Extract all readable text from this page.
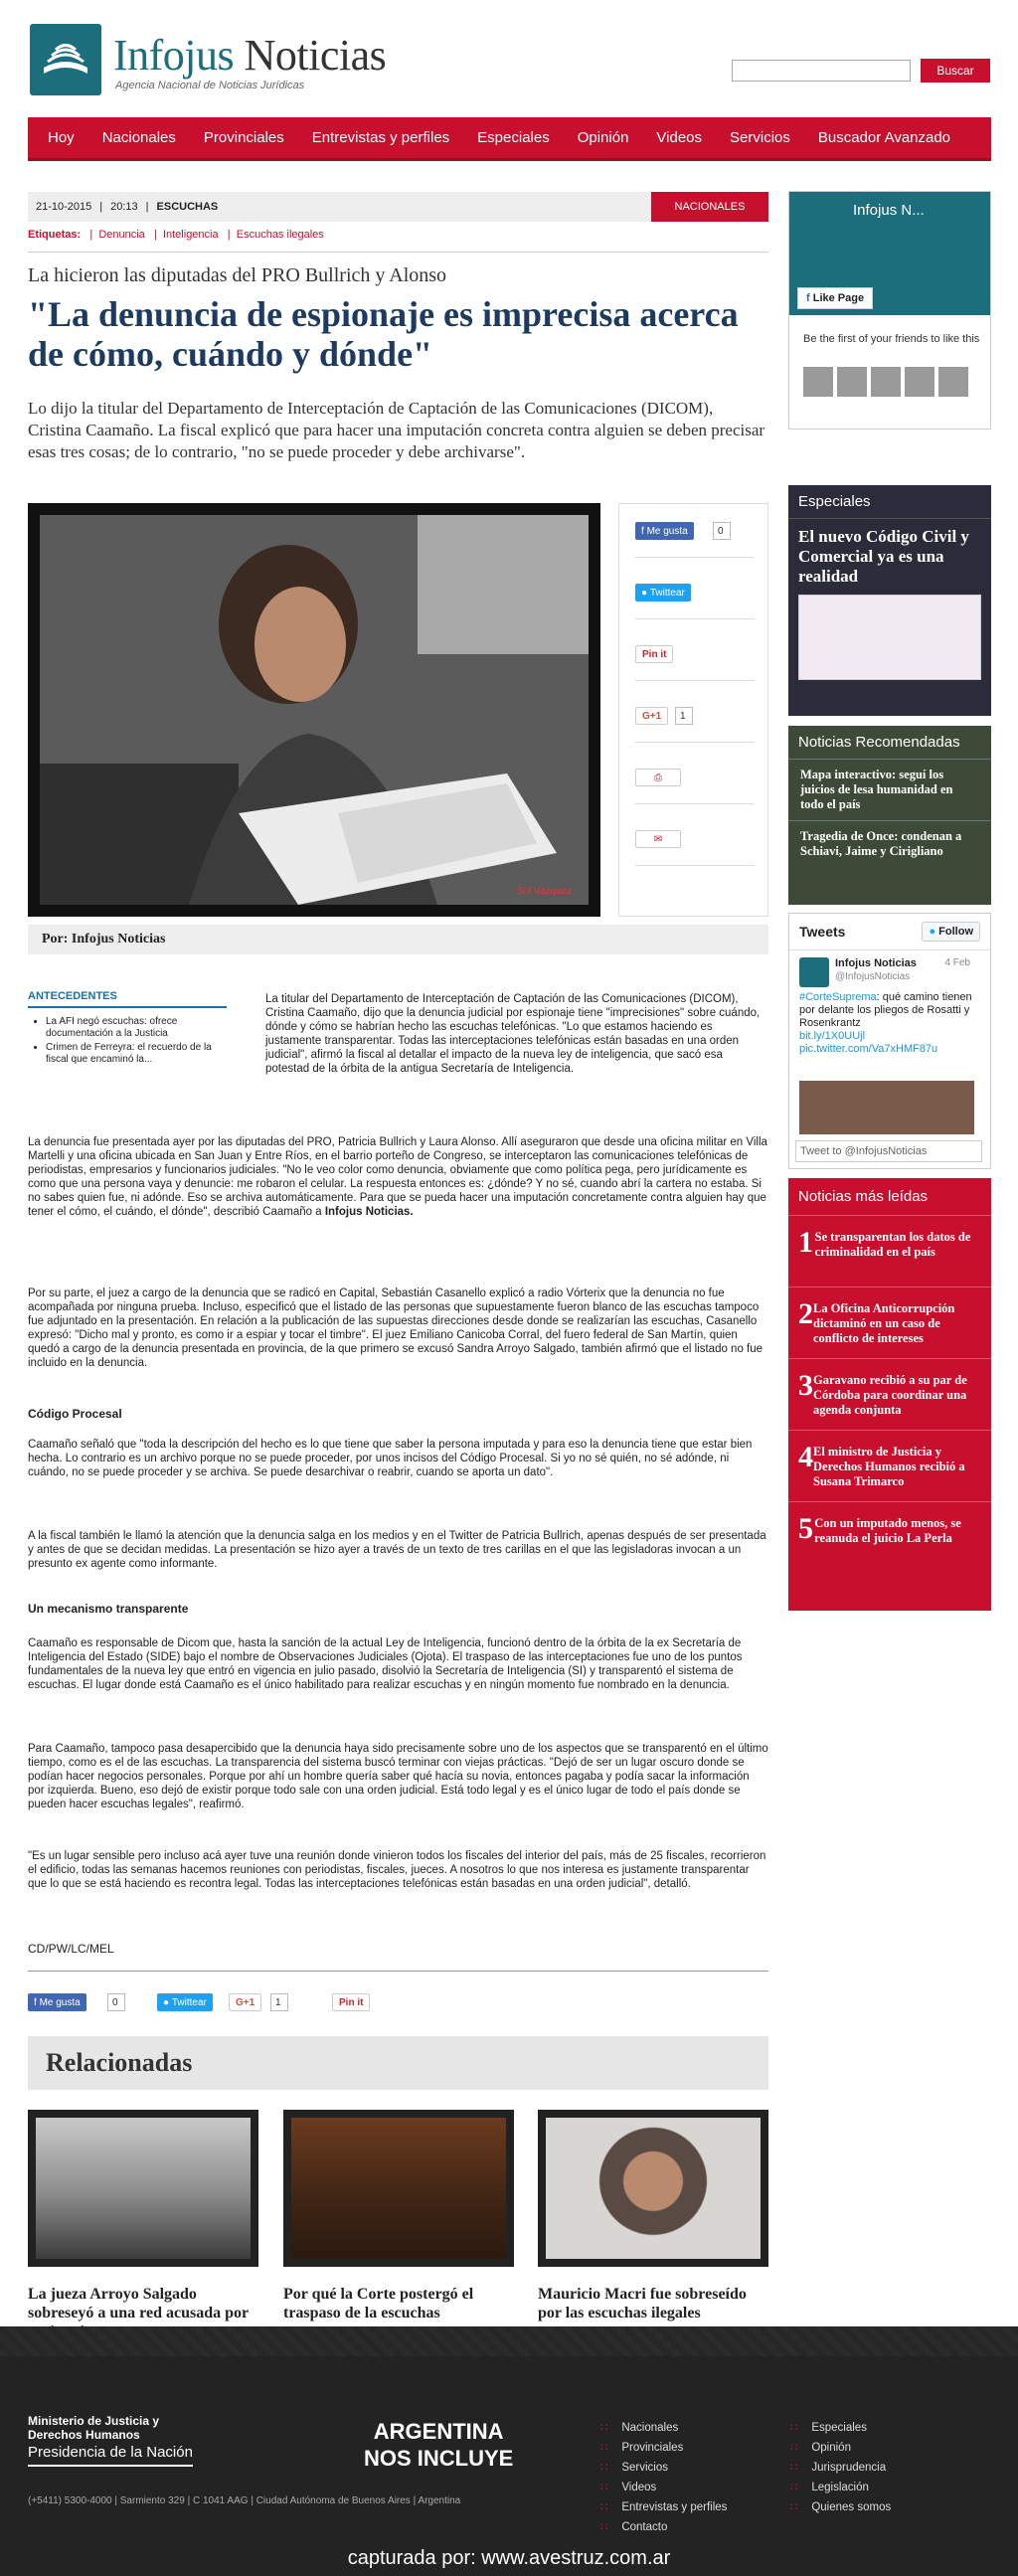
Infojus Noticias
Agencia Nacional de Noticias Jurídicas
Buscar
Hoy	Nacionales	Provinciales	Entrevistas y perfiles	Especiales	Opinión	Videos	Servicios	Buscador Avanzado
21-10-2015 | 20:13 | ESCUCHAS	NACIONALES
Etiquetas:   |  Denuncia   |  Inteligencia   |  Escuchas ilegales
La hicieron las diputadas del PRO Bullrich y Alonso
"La denuncia de espionaje es imprecisa acerca de cómo, cuándo y dónde"

Lo dijo la titular del Departamento de Interceptación de Captación de las Comunicaciones (DICOM), Cristina Caamaño. La fiscal explicó que para hacer una imputación concreta contra alguien se deben precisar esas tres cosas; de lo contrario, "no se puede proceder y debe archivarse".

Sol Vazquez.
f Me gusta	0
● Twittear
Pin it
G+1	1
⎙
✉
Por: Infojus Noticias
ANTECEDENTES
• La AFI negó escuchas: ofrece documentación a la Justicia
• Crimen de Ferreyra: el recuerdo de la fiscal que encaminó la...

La titular del Departamento de Interceptación de Captación de las Comunicaciones (DICOM), Cristina Caamaño, dijo que la denuncia judicial por espionaje tiene "imprecisiones" sobre cuándo, dónde y cómo se habrían hecho las escuchas telefónicas. "Lo que estamos haciendo es justamente transparentar. Todas las interceptaciones telefónicas están basadas en una orden judicial", afirmó la fiscal al detallar el impacto de la nueva ley de inteligencia, que sacó esa potestad de la órbita de la antigua Secretaría de Inteligencia.

La denuncia fue presentada ayer por las diputadas del PRO, Patricia Bullrich y Laura Alonso. Allí aseguraron que desde una oficina militar en Villa Martelli y una oficina ubicada en San Juan y Entre Ríos, en el barrio porteño de Congreso, se interceptaron las comunicaciones telefónicas de periodistas, empresarios y funcionarios judiciales. "No le veo color como denuncia, obviamente que como política pega, pero jurídicamente es como que una persona vaya y denuncie: me robaron el celular. La respuesta entonces es: ¿dónde? Y no sé, cuando abrí la cartera no estaba. Si no sabes quien fue, ni adónde. Eso se archiva automáticamente. Para que se pueda hacer una imputación concretamente contra alguien hay que tener el cómo, el cuándo, el dónde", describió Caamaño a Infojus Noticias.

Por su parte, el juez a cargo de la denuncia que se radicó en Capital, Sebastián Casanello explicó a radio Vórterix que la denuncia no fue acompañada por ninguna prueba. Incluso, especificó que el listado de las personas que supuestamente fueron blanco de las escuchas tampoco fue adjuntado en la presentación. En relación a la publicación de las supuestas direcciones desde donde se realizarían las escuchas, Casanello expresó: "Dicho mal y pronto, es como ir a espiar y tocar el timbre". El juez Emiliano Canicoba Corral, del fuero federal de San Martín, quien quedó a cargo de la denuncia presentada en provincia, de la que primero se excusó Sandra Arroyo Salgado, también afirmó que el listado no fue incluido en la denuncia.

Código Procesal

Caamaño señaló que "toda la descripción del hecho es lo que tiene que saber la persona imputada y para eso la denuncia tiene que estar bien hecha. Lo contrario es un archivo porque no se puede proceder, por unos incisos del Código Procesal. Si yo no sé quién, no sé adónde, ni cuándo, no se puede proceder y se archiva. Se puede desarchivar o reabrir, cuando se aporta un dato".

A la fiscal también le llamó la atención que la denuncia salga en los medios y en el Twitter de Patricia Bullrich, apenas después de ser presentada y antes de que se decidan medidas. La presentación se hizo ayer a través de un texto de tres carillas en el que las legisladoras invocan a un presunto ex agente como informante.

Un mecanismo transparente

Caamaño es responsable de Dicom que, hasta la sanción de la actual Ley de Inteligencia, funcionó dentro de la órbita de la ex Secretaría de Inteligencia del Estado (SIDE) bajo el nombre de Observaciones Judiciales (Ojota). El traspaso de las interceptaciones fue uno de los puntos fundamentales de la nueva ley que entró en vigencia en julio pasado, disolvió la Secretaría de Inteligencia (SI) y transparentó el sistema de escuchas. El lugar donde está Caamaño es el único habilitado para realizar escuchas y en ningún momento fue nombrado en la denuncia.

Para Caamaño, tampoco pasa desapercibido que la denuncia haya sido precisamente sobre uno de los aspectos que se transparentó en el último tiempo, como es el de las escuchas. La transparencia del sistema buscó terminar con viejas prácticas. "Dejó de ser un lugar oscuro donde se podían hacer negocios personales. Porque por ahí un hombre quería saber qué hacía su novia, entonces pagaba y podía sacar la información por izquierda. Bueno, eso dejó de existir porque todo sale con una orden judicial. Está todo legal y es el único lugar de todo el país donde se pueden hacer escuchas legales", reafirmó.

"Es un lugar sensible pero incluso acá ayer tuve una reunión donde vinieron todos los fiscales del interior del país, más de 25 fiscales, recorrieron el edificio, todas las semanas hacemos reuniones con periodistas, fiscales, jueces. A nosotros lo que nos interesa es justamente transparentar que lo que se está haciendo es recontra legal. Todas las interceptaciones telefónicas están basadas en una orden judicial", detalló.

CD/PW/LC/MEL
f Me gusta	0	● Twittear	G+1	1	Pin it
Relacionadas
La jueza Arroyo Salgado sobreseyó a una red acusada por
Por qué la Corte postergó el traspaso de la escuchas
Mauricio Macri fue sobreseído por las escuchas ilegales
Infojus N...
f Like Page
Be the first of your friends to like this
Especiales
El nuevo Código Civil y Comercial ya es una realidad
Noticias Recomendadas
Mapa interactivo: seguí los juicios de lesa humanidad en todo el país
Tragedia de Once: condenan a Schiavi, Jaime y Cirigliano
Tweets	● Follow
Infojus Noticias
@InfojusNoticias
4 Feb
#CorteSuprema: qué camino tienen por delante los pliegos de Rosatti y Rosenkrantz
bit.ly/1X0UUjl pic.twitter.com/Va7xHMF87u
Tweet to @InfojusNoticias
Noticias más leídas
1 Se transparentan los datos de criminalidad en el país
2 La Oficina Anticorrupción dictaminó en un caso de conflicto de intereses
3 Garavano recibió a su par de Córdoba para coordinar una agenda conjunta
4 El ministro de Justicia y Derechos Humanos recibió a Susana Trimarco
5 Con un imputado menos, se reanuda el juicio La Perla
Ministerio de Justicia y Derechos Humanos
Presidencia de la Nación
(+5411) 5300-4000 | Sarmiento 329 | C 1041 AAG | Ciudad Autónoma de Buenos Aires | Argentina
ARGENTINA
NOS INCLUYE
∷ Nacionales
∷ Provinciales
∷ Servicios
∷ Videos
∷ Entrevistas y perfiles
∷ Contacto
∷ Especiales
∷ Opinión
∷ Jurisprudencia
∷ Legislación
∷ Quienes somos
capturada por: www.avestruz.com.ar
